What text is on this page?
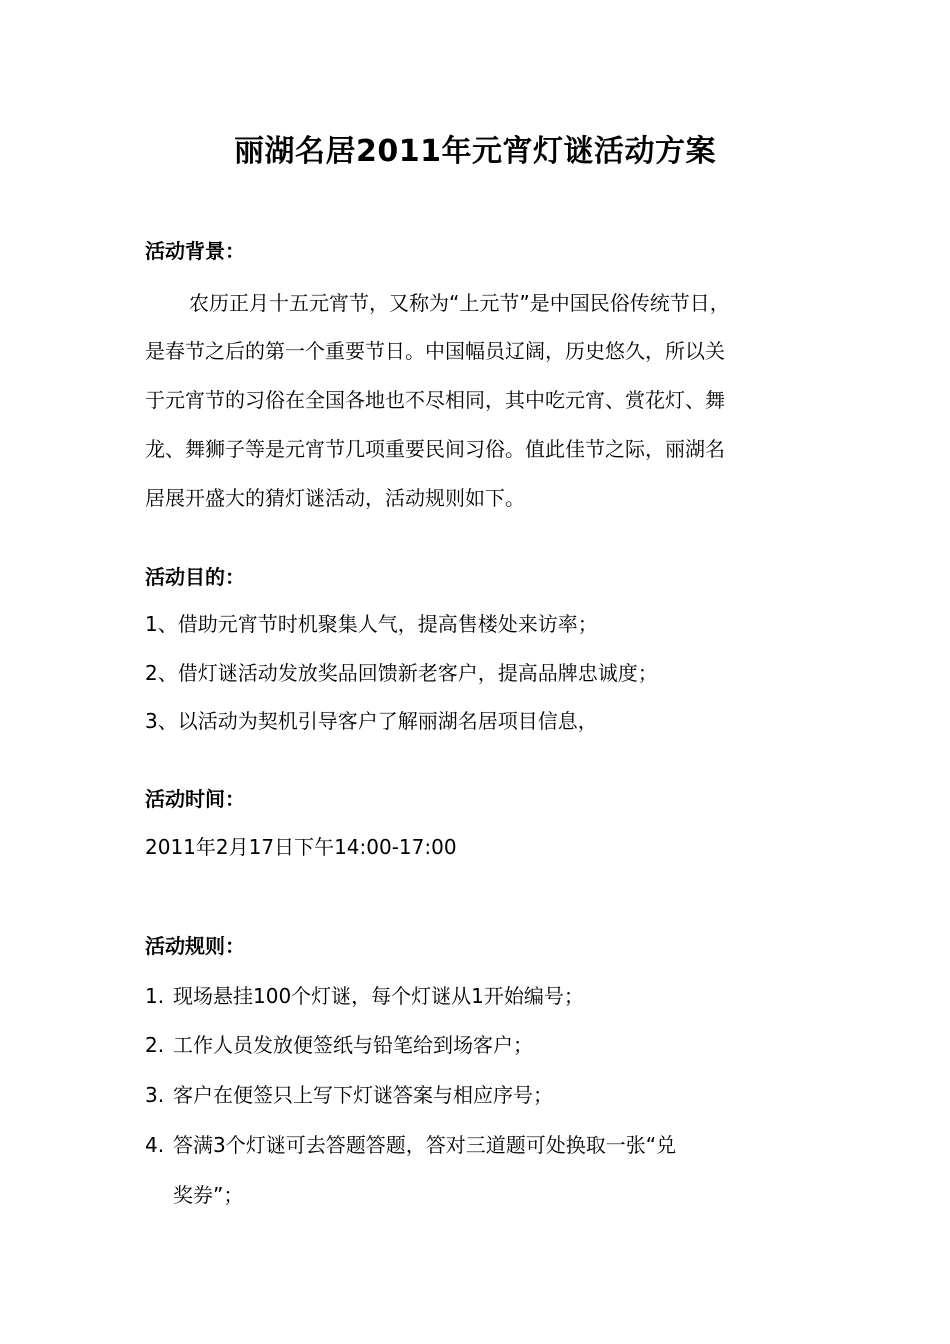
丽湖名居2011年元宵灯谜活动方案
活动背景：
农历正月十五元宵节，又称为“上元节”是中国民俗传统节日，
是春节之后的第一个重要节日。中国幅员辽阔，历史悠久，所以关
于元宵节的习俗在全国各地也不尽相同，其中吃元宵、赏花灯、舞
龙、舞狮子等是元宵节几项重要民间习俗。值此佳节之际，丽湖名
居展开盛大的猜灯谜活动，活动规则如下。
活动目的：
1、借助元宵节时机聚集人气，提高售楼处来访率；
2、借灯谜活动发放奖品回馈新老客户，提高品牌忠诚度；
3、以活动为契机引导客户了解丽湖名居项目信息，
活动时间：
2011年2月17日下午14:00-17:00
活动规则：
1. 现场悬挂100个灯谜，每个灯谜从1开始编号；
2. 工作人员发放便签纸与铅笔给到场客户；
3. 客户在便签只上写下灯谜答案与相应序号；
4. 答满3个灯谜可去答题答题，答对三道题可处换取一张“兑
奖券”；
